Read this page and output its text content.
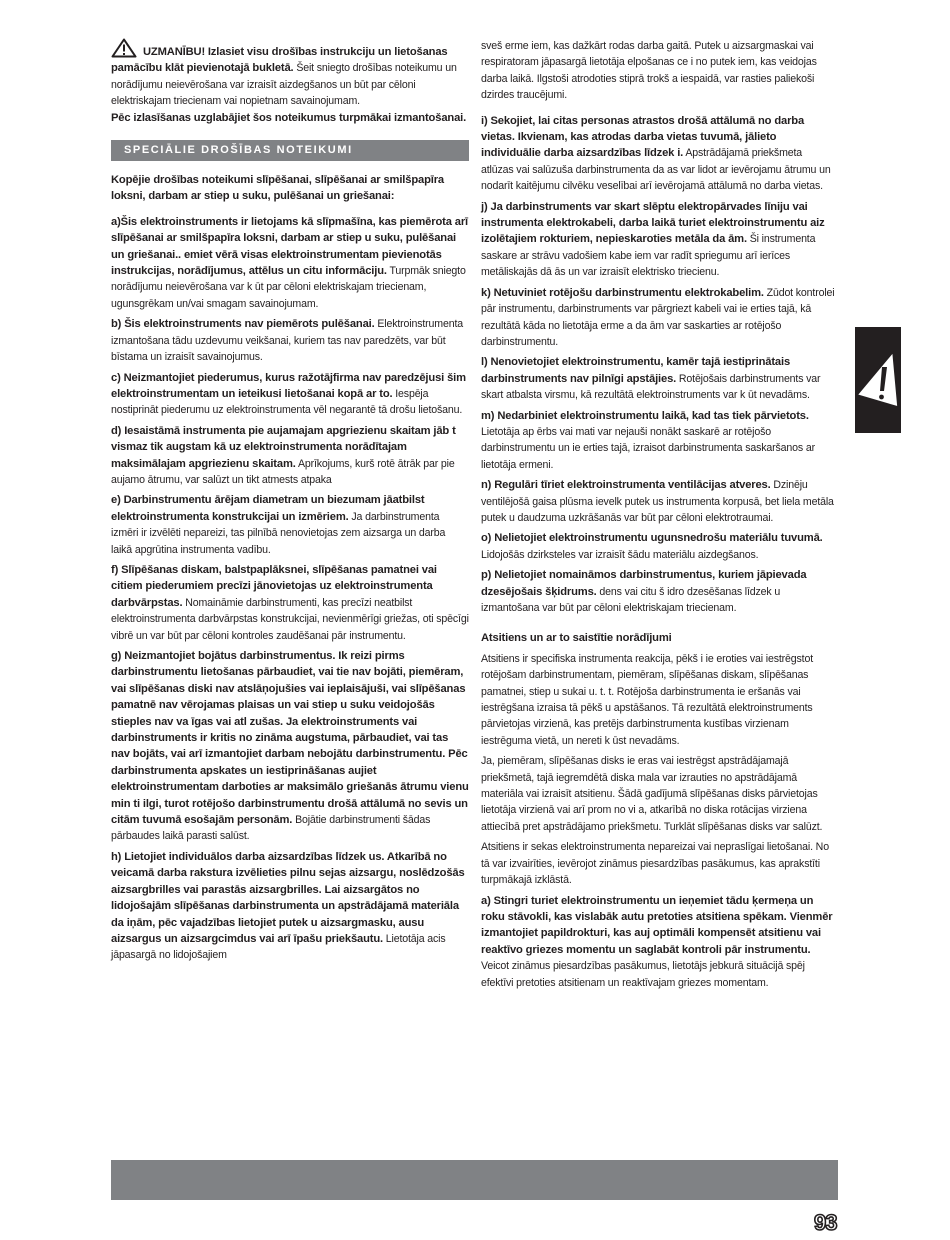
UZMANĪBU! Izlasiet visu drošības instrukciju un lietošanas pamācību klāt pievienotajā bukletā. Šeit sniegto drošības noteikumu un norādījumu neievērošana var izraisīt aizdegšanos un būt par cēloni elektriskajam triecienam vai nopietnam savainojumam.
Pēc izlasīšanas uzglabājiet šos noteikumus turpmākai izmantošanai.

SPECIĀLIE DROŠĪBAS NOTEIKUMI

Kopējie drošības noteikumi slīpēšanai, slīpēšanai ar smilšpapīra loksni, darbam ar stiep u suku, pulēšanai un griešanai:

a)Šis elektroinstruments ir lietojams kā slīpmašīna, kas piemērota arī slīpēšanai ar smilšpapīra loksni, darbam ar stiep u suku, pulēšanai un griešanai.. emiet vērā visas elektroinstrumentam pievienotās instrukcijas, norādījumus, attēlus un citu informāciju. Turpmāk sniegto norādījumu neievērošana var k ūt par cēloni elektriskajam triecienam, ugunsgrēkam un/vai smagam savainojumam.

b) Šis elektroinstruments nav piemērots pulēšanai. Elektroinstrumenta izmantošana tādu uzdevumu veikšanai, kuriem tas nav paredzēts, var būt bīstama un izraisīt savainojumus.

c) Neizmantojiet piederumus, kurus ražotājfirma nav paredzējusi šim elektroinstrumentam un ieteikusi lietošanai kopā ar to. Iespēja nostiprināt piederumu uz elektroinstrumenta vēl negarantē tā drošu lietošanu.

d) Iesaistāmā instrumenta pie aujamajam apgriezienu skaitam jāb t vismaz tik augstam kā uz elektroinstrumenta norādītajam maksimālajam apgriezienu skaitam. Aprīkojums, kurš rotē ātrāk par pie aujamo ātrumu, var salūzt un tikt atmests atpaka

e) Darbinstrumentu ārējam diametram un biezumam jāatbilst elektroinstrumenta konstrukcijai un izmēriem. Ja darbinstrumenta izmēri ir izvēlēti nepareizi, tas pilnībā nenovietojas zem aizsarga un darba laikā apgrūtina instrumenta vadību.

f) Slīpēšanas diskam, balstpaplāksnei, slīpēšanas pamatnei vai citiem piederumiem precīzi jānovietojas uz elektroinstrumenta darbvārpstas. Nomaināmie darbinstrumenti, kas precīzi neatbilst elektroinstrumenta darbvārpstas konstrukcijai, nevienmērīgi griežas, oti spēcīgi vibrē un var būt par cēloni kontroles zaudēšanai pār instrumentu.

g) Neizmantojiet bojātus darbinstrumentus. Ik reizi pirms darbinstrumentu lietošanas pārbaudiet, vai tie nav bojāti, piemēram, vai slīpēšanas diski nav atslāņojušies vai ieplaisājuši, vai slīpēšanas pamatnē nav vērojamas plaisas un vai stiep u suku veidojošās stieples nav va īgas vai atl zušas. Ja elektroinstruments vai darbinstruments ir kritis no zināma augstuma, pārbaudiet, vai tas nav bojāts, vai arī izmantojiet darbam nebojātu darbinstrumentu. Pēc darbinstrumenta apskates un iestiprināšanas aujiet elektroinstrumentam darboties ar maksimālo griešanās ātrumu vienu min ti ilgi, turot rotējošo darbinstrumentu drošā attālumā no sevis un citām tuvumā esošajām personām. Bojātie darbinstrumenti šādas pārbaudes laikā parasti salūst.

h) Lietojiet individuālos darba aizsardzības līdzek us. Atkarībā no veicamā darba rakstura izvēlieties pilnu sejas aizsargu, noslēdzošās aizsargbrilles vai parastās aizsargbrilles. Lai aizsargātos no lidojošajām slīpēšanas darbinstrumenta un apstrādājamā materiāla da iņām, pēc vajadzības lietojiet putek u aizsargmasku, ausu aizsargus un aizsargcimdus vai arī īpašu priekšautu. Lietotāja acis jāpasargā no lidojošajiem

sveš erme iem, kas dažkārt rodas darba gaitā. Putek u aizsargmaskai vai respiratoram jāpasargā lietotāja elpošanas ce i no putek iem, kas veidojas darba laikā. Ilgstoši atrodoties stiprā trokš a iespaidā, var rasties paliekoši dzirdes traucējumi.

i) Sekojiet, lai citas personas atrastos drošā attālumā no darba vietas. Ikvienam, kas atrodas darba vietas tuvumā, jālieto individuālie darba aizsardzības līdzek i. Apstrādājamā priekšmeta atlūzas vai salūzuša darbinstrumenta da as var lidot ar ievērojamu ātrumu un nodarīt kaitējumu cilvēku veselībai arī ievērojamā attālumā no darba vietas.

j) Ja darbinstruments var skart slēptu elektropārvades līniju vai instrumenta elektrokabeli, darba laikā turiet elektroinstrumentu aiz izolētajiem rokturiem, nepieskaroties metāla da ām. Ši instrumenta saskare ar strāvu vadošiem kabe iem var radīt spriegumu arī ierīces metāliskajās dā ās un var izraisīt elektrisko triecienu.

k) Netuviniet rotējošu darbinstrumentu elektrokabelim. Zūdot kontrolei pār instrumentu, darbinstruments var pārgriezt kabeli vai ie erties tajā, kā rezultātā kāda no lietotāja erme a da ām var saskarties ar rotējošo darbinstrumentu.

l) Nenovietojiet elektroinstrumentu, kamēr tajā iestiprinātais darbinstruments nav pilnīgi apstājies. Rotējošais darbinstruments var skart atbalsta virsmu, kā rezultātā elektroinstruments var k ūt nevadāms.

m) Nedarbiniet elektroinstrumentu laikā, kad tas tiek pārvietots. Lietotāja ap ērbs vai mati var nejauši nonākt saskarē ar rotējošo darbinstrumentu un ie erties tajā, izraisot darbinstrumenta saskaršanos ar lietotāja ermeni.

n) Regulāri tīriet elektroinstrumenta ventilācijas atveres. Dzinēju ventilējošā gaisa plūsma ievelk putek us instrumenta korpusā, bet liela metāla putek u daudzuma uzkrāšanās var būt par cēloni elektrotraumai.

o) Nelietojiet elektroinstrumentu ugunsnedrošu materiālu tuvumā. Lidojošās dzirksteles var izraisīt šādu materiālu aizdegšanos.

p) Nelietojiet nomaināmos darbinstrumentus, kuriem jāpievada dzesējošais šķidrums. dens vai citu š idro dzesēšanas līdzek u izmantošana var būt par cēloni elektriskajam triecienam.

Atsitiens un ar to saistītie norādījumi

Atsitiens ir specifiska instrumenta reakcija, pēkš i ie eroties vai iestrēgstot rotējošam darbinstrumentam, piemēram, slīpēšanas diskam, slīpēšanas pamatnei, stiep u sukai u. t. t. Rotējoša darbinstrumenta ie eršanās vai iestrēgšana izraisa tā pēkš u apstāšanos. Tā rezultātā elektroinstruments pārvietojas virzienā, kas pretējs darbinstrumenta kustības virzienam iestrēguma vietā, un nereti k ūst nevadāms.

Ja, piemēram, slīpēšanas disks ie eras vai iestrēgst apstrādājamajā priekšmetā, tajā iegremdētā diska mala var izrauties no apstrādājamā materiāla vai izraisīt atsitienu. Šādā gadījumā slīpēšanas disks pārvietojas lietotāja virzienā vai arī prom no vi a, atkarībā no diska rotācijas virziena attiecībā pret apstrādājamo priekšmetu. Turklāt slīpēšanas disks var salūzt.

Atsitiens ir sekas elektroinstrumenta nepareizai vai nepraslīgai lietošanai. No tā var izvairīties, ievērojot zināmus piesardzības pasākumus, kas aprakstīti turpmākajā izklāstā.

a) Stingri turiet elektroinstrumentu un ieņemiet tādu ķermeņa un roku stāvokli, kas vislabāk autu pretoties atsitiena spēkam. Vienmēr izmantojiet papildrokturi, kas auj optimāli kompensēt atsitienu vai reaktīvo griezes momentu un saglabāt kontroli pār instrumentu. Veicot zināmus piesardzības pasākumus, lietotājs jebkurā situācijā spēj efektīvi pretoties atsitienam un reaktīvajam griezes momentam.

93
